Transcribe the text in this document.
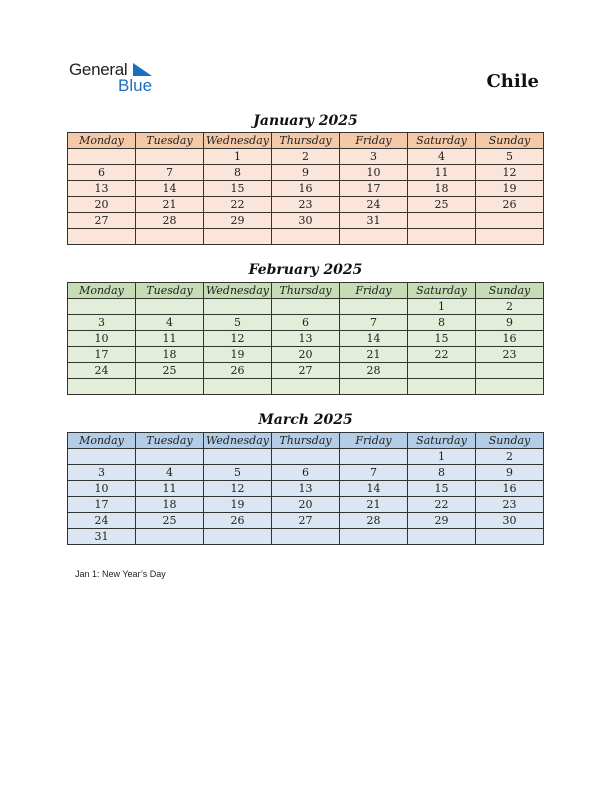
General
Blue	Chile
January 2025
Monday	Tuesday	Wednesday	Thursday	Friday	Saturday	Sunday
		1	2	3	4	5
6	7	8	9	10	11	12
13	14	15	16	17	18	19
20	21	22	23	24	25	26
27	28	29	30	31		

February 2025
Monday	Tuesday	Wednesday	Thursday	Friday	Saturday	Sunday
					1	2
3	4	5	6	7	8	9
10	11	12	13	14	15	16
17	18	19	20	21	22	23
24	25	26	27	28		

March 2025
Monday	Tuesday	Wednesday	Thursday	Friday	Saturday	Sunday
					1	2
3	4	5	6	7	8	9
10	11	12	13	14	15	16
17	18	19	20	21	22	23
24	25	26	27	28	29	30
31						
Jan 1: New Year’s Day
